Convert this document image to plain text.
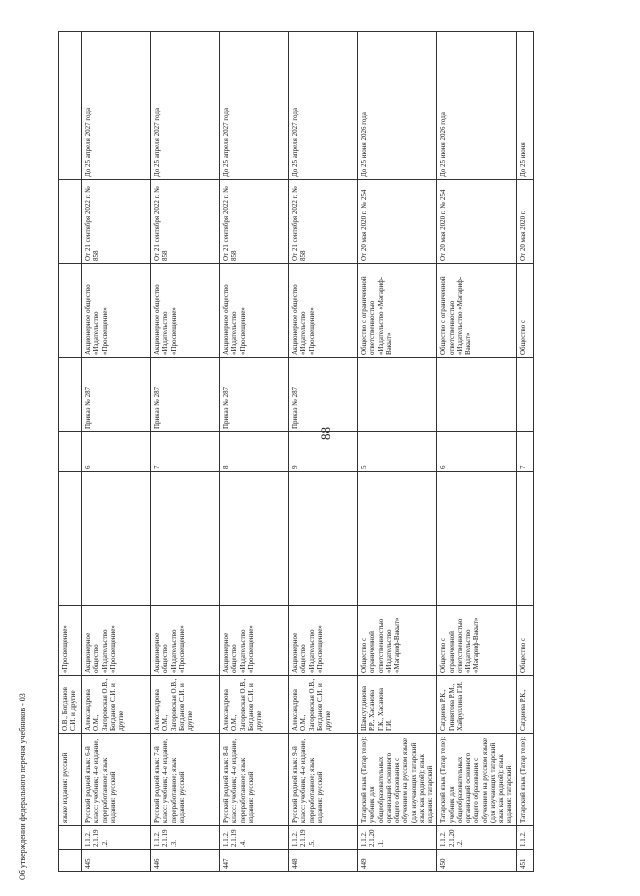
88
Об утверждении федерального перечня учебников - 03
			языке издания: русский	О.В., Богданов С.И. и другие	«Просвещение»						
445	1.1.2.2.1.19.2.	Русский родной язык: 6-й класс: учебник; 4-е издание, переработанное; язык издания: русский	Александрова О.М., Загоровская О.В., Богданов С.И. и другие	Акционерное общество «Издательство «Просвещение»		6	Приказ № 287	Акционерное общество «Издательство «Просвещение»	От 21 сентября 2022 г. № 858	До 25 апреля 2027 года
446	1.1.2.2.1.19.3.	Русский родной язык: 7-й класс: учебник; 4-е издание, переработанное; язык издания: русский	Александрова О.М., Загоровская О.В., Богданов С.И. и другие	Акционерное общество «Издательство «Просвещение»		7	Приказ № 287	Акционерное общество «Издательство «Просвещение»	От 21 сентября 2022 г. № 858	До 25 апреля 2027 года
447	1.1.2.2.1.19.4.	Русский родной язык: 8-й класс: учебник; 4-е издание, переработанное; язык издания: русский	Александрова О.М., Загоровская О.В., Богданов С.И. и другие	Акционерное общество «Издательство «Просвещение»		8	Приказ № 287	Акционерное общество «Издательство «Просвещение»	От 21 сентября 2022 г. № 858	До 25 апреля 2027 года
448	1.1.2.2.1.19.5.	Русский родной язык: 9-й класс: учебник; 4-е издание, переработанное; язык издания: русский	Александрова О.М., Загоровская О.В., Богданов С.И. и другие	Акционерное общество «Издательство «Просвещение»		9	Приказ № 287	Акционерное общество «Издательство «Просвещение»	От 21 сентября 2022 г. № 858	До 25 апреля 2027 года
449	1.1.2.2.1.20.1.	Татарский язык (Татар теле): учебник для общеобразовательных организаций основного общего образования с обучением на русском языке (для изучающих татарский язык как родной); язык издания: татарский	Шамсутдинова Р.Р., Хасанова Г.К., Хасанова Г.И.	Общество с ограниченной ответственностью «Издательство «Мәгариф-Вакыт»		5		Общество с ограниченной ответственностью «Издательство «Мәгариф-Вакыт»	От 20 мая 2020 г. № 254	До 25 июня 2026 года
450	1.1.2.2.1.20.2.	Татарский язык (Татар теле): учебник для общеобразовательных организаций основного общего образования с обучением на русском языке (для изучающих татарский язык как родной); язык издания: татарский	Сагдиева Р.К., Гиниятова Р.М., Хайруллина Г.И.	Общество с ограниченной ответственностью «Издательство «Мәгариф-Вакыт»		6		Общество с ограниченной ответственностью «Издательство «Мәгариф-Вакыт»	От 20 мая 2020 г. № 254	До 25 июня 2026 года
451	1.1.2.	Татарский язык (Татар теле):	Сагдиева Р.К.,	Общество с		7		Общество с	От 20 мая 2020 г.	До 25 июня
